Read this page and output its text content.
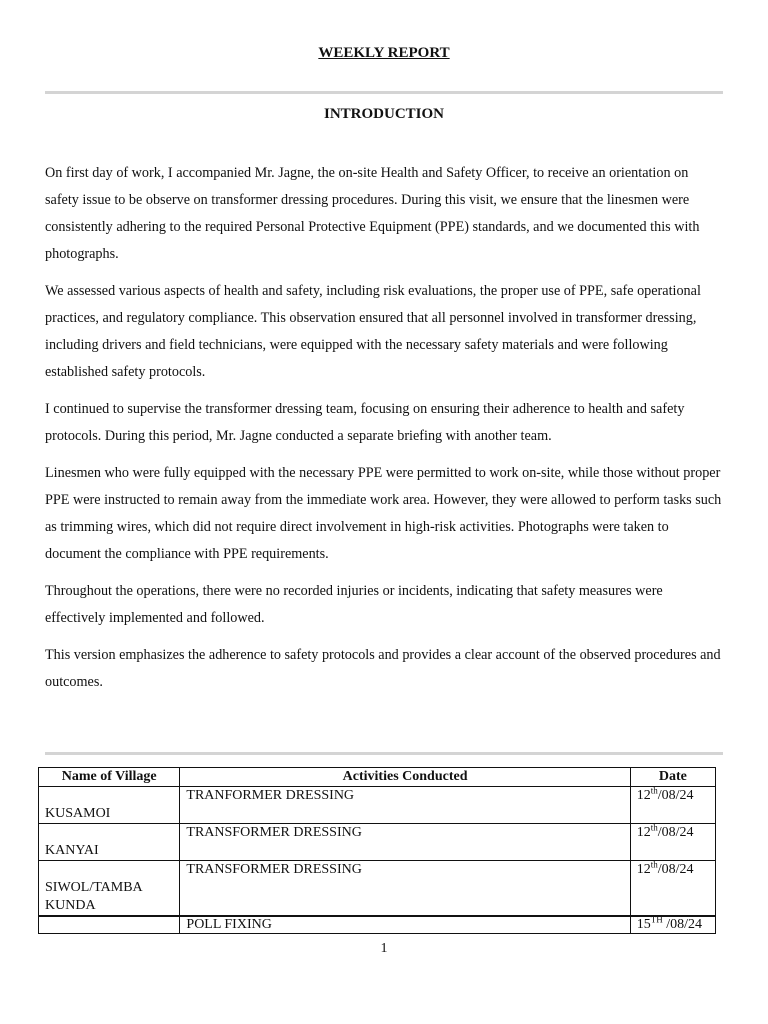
WEEKLY REPORT
INTRODUCTION

On first day of work, I accompanied Mr. Jagne, the on-site Health and Safety Officer, to receive an orientation on safety issue to be observe on transformer dressing procedures. During this visit, we ensure that the linesmen were consistently adhering to the required Personal Protective Equipment (PPE) standards, and we documented this with photographs.

We assessed various aspects of health and safety, including risk evaluations, the proper use of PPE, safe operational practices, and regulatory compliance. This observation ensured that all personnel involved in transformer dressing, including drivers and field technicians, were equipped with the necessary safety materials and were following established safety protocols.

I continued to supervise the transformer dressing team, focusing on ensuring their adherence to health and safety protocols. During this period, Mr. Jagne conducted a separate briefing with another team.

Linesmen who were fully equipped with the necessary PPE were permitted to work on-site, while those without proper PPE were instructed to remain away from the immediate work area. However, they were allowed to perform tasks such as trimming wires, which did not require direct involvement in high-risk activities. Photographs were taken to document the compliance with PPE requirements.

Throughout the operations, there were no recorded injuries or incidents, indicating that safety measures were effectively implemented and followed.

This version emphasizes the adherence to safety protocols and provides a clear account of the observed procedures and outcomes.

Name of Village	Activities Conducted	Date
KUSAMOI	TRANFORMER DRESSING	12th/08/24
KANYAI	TRANSFORMER DRESSING	12th/08/24
SIWOL/TAMBA KUNDA	TRANSFORMER DRESSING	12th/08/24
	POLL FIXING	15TH /08/24
1
